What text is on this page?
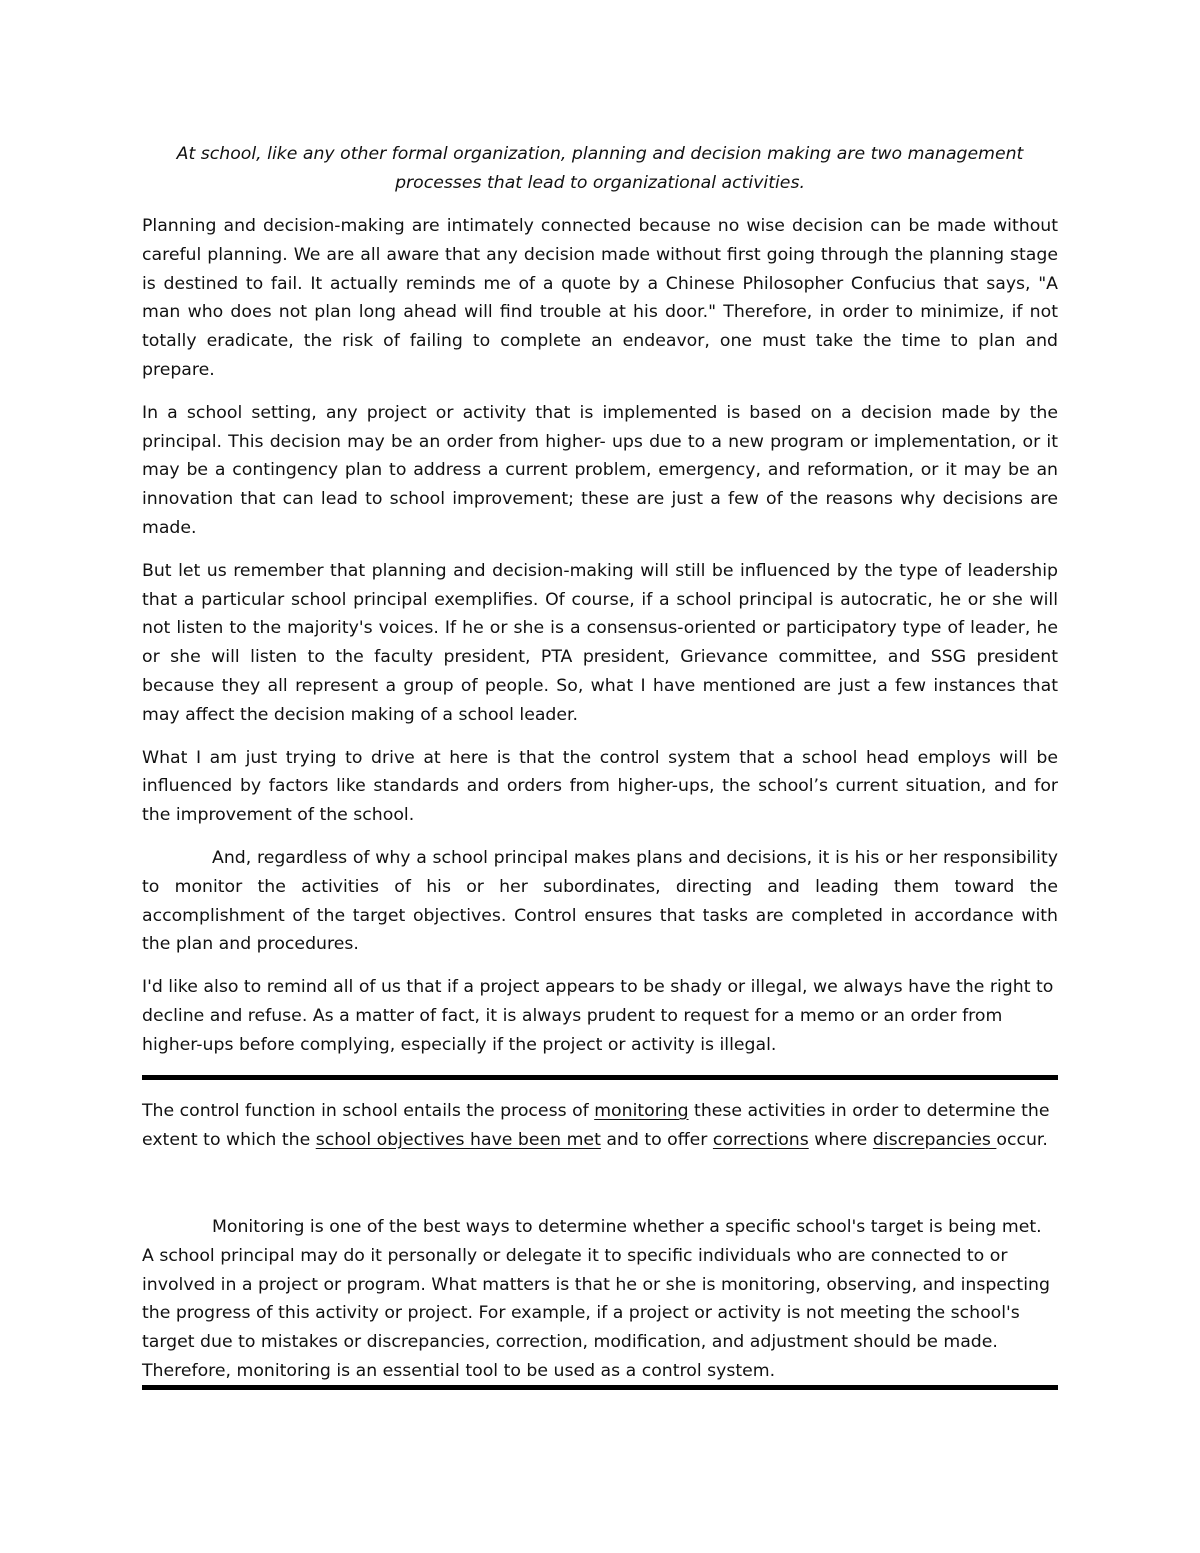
At school, like any other formal organization, planning and decision making are two management processes that lead to organizational activities.

Planning and decision-making are intimately connected because no wise decision can be made without careful planning. We are all aware that any decision made without first going through the planning stage is destined to fail. It actually reminds me of a quote by a Chinese Philosopher Confucius that says, "A man who does not plan long ahead will find trouble at his door." Therefore, in order to minimize, if not totally eradicate, the risk of failing to complete an endeavor, one must take the time to plan and prepare.

In a school setting, any project or activity that is implemented is based on a decision made by the principal. This decision may be an order from higher- ups due to a new program or implementation, or it may be a contingency plan to address a current problem, emergency, and reformation, or it may be an innovation that can lead to school improvement; these are just a few of the reasons why decisions are made.

But let us remember that planning and decision-making will still be influenced by the type of leadership that a particular school principal exemplifies. Of course, if a school principal is autocratic, he or she will not listen to the majority's voices. If he or she is a consensus-oriented or participatory type of leader, he or she will listen to the faculty president, PTA president, Grievance committee, and SSG president because they all represent a group of people. So, what I have mentioned are just a few instances that may affect the decision making of a school leader.

What I am just trying to drive at here is that the control system that a school head employs will be influenced by factors like standards and orders from higher-ups, the school’s current situation, and for the improvement of the school.

And, regardless of why a school principal makes plans and decisions, it is his or her responsibility to monitor the activities of his or her subordinates, directing and leading them toward the accomplishment of the target objectives. Control ensures that tasks are completed in accordance with the plan and procedures.

I'd like also to remind all of us that if a project appears to be shady or illegal, we always have the right to decline and refuse. As a matter of fact, it is always prudent to request for a memo or an order from higher-ups before complying, especially if the project or activity is illegal.

The control function in school entails the process of monitoring these activities in order to determine the extent to which the school objectives have been met and to offer corrections where discrepancies occur.
Monitoring is one of the best ways to determine whether a specific school's target is being met. A school principal may do it personally or delegate it to specific individuals who are connected to or involved in a project or program. What matters is that he or she is monitoring, observing, and inspecting the progress of this activity or project. For example, if a project or activity is not meeting the school's target due to mistakes or discrepancies, correction, modification, and adjustment should be made. Therefore, monitoring is an essential tool to be used as a control system.
